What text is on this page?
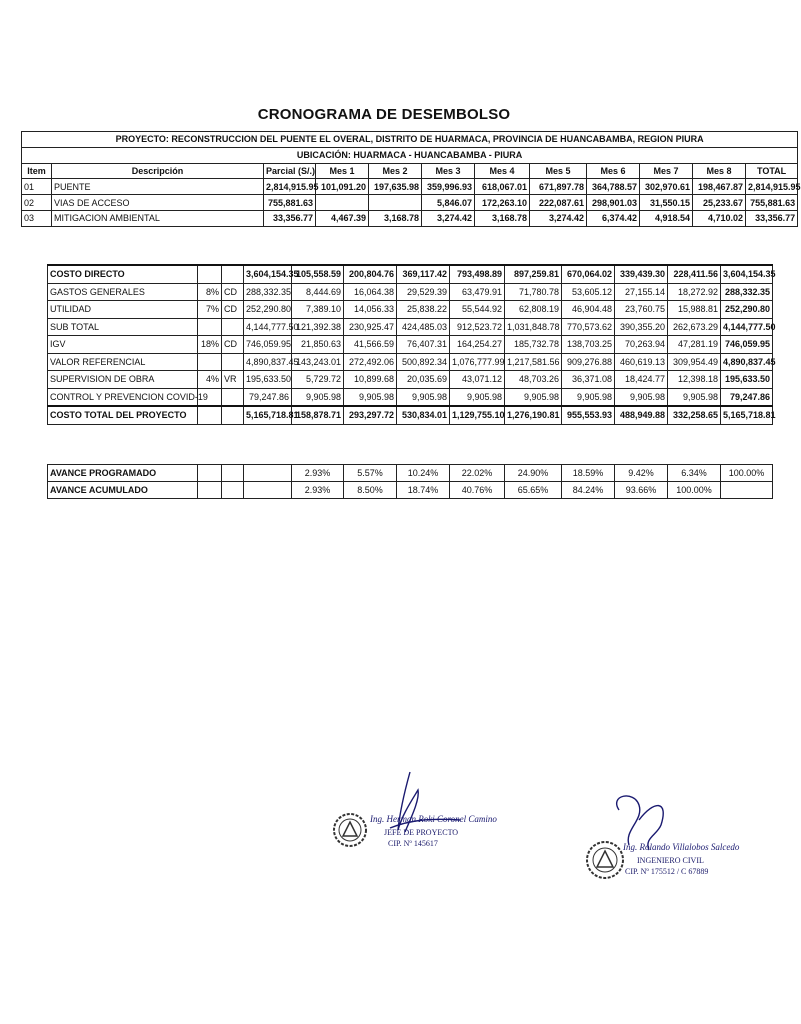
CRONOGRAMA DE DESEMBOLSO
PROYECTO: RECONSTRUCCION DEL PUENTE EL OVERAL, DISTRITO DE HUARMACA, PROVINCIA DE HUANCABAMBA, REGION PIURA											
UBICACIÓN: HUARMACA - HUANCABAMBA - PIURA											
Item	Descripción	Parcial (S/.)	Mes 1	Mes 2	Mes 3	Mes 4	Mes 5	Mes 6	Mes 7	Mes 8	TOTAL
01	PUENTE	2,814,915.95	101,091.20	197,635.98	359,996.93	618,067.01	671,897.78	364,788.57	302,970.61	198,467.87	2,814,915.95
02	VIAS DE ACCESO	755,881.63			5,846.07	172,263.10	222,087.61	298,901.03	31,550.15	25,233.67	755,881.63
03	MITIGACION AMBIENTAL	33,356.77	4,467.39	3,168.78	3,274.42	3,168.78	3,274.42	6,374.42	4,918.54	4,710.02	33,356.77
COSTO DIRECTO			3,604,154.35	105,558.59	200,804.76	369,117.42	793,498.89	897,259.81	670,064.02	339,439.30	228,411.56	3,604,154.35
GASTOS GENERALES	8%	CD	288,332.35	8,444.69	16,064.38	29,529.39	63,479.91	71,780.78	53,605.12	27,155.14	18,272.92	288,332.35
UTILIDAD	7%	CD	252,290.80	7,389.10	14,056.33	25,838.22	55,544.92	62,808.19	46,904.48	23,760.75	15,988.81	252,290.80
SUB TOTAL			4,144,777.50	121,392.38	230,925.47	424,485.03	912,523.72	1,031,848.78	770,573.62	390,355.20	262,673.29	4,144,777.50
IGV	18%	CD	746,059.95	21,850.63	41,566.59	76,407.31	164,254.27	185,732.78	138,703.25	70,263.94	47,281.19	746,059.95
VALOR REFERENCIAL			4,890,837.45	143,243.01	272,492.06	500,892.34	1,076,777.99	1,217,581.56	909,276.88	460,619.13	309,954.49	4,890,837.45
SUPERVISION DE OBRA	4%	VR	195,633.50	5,729.72	10,899.68	20,035.69	43,071.12	48,703.26	36,371.08	18,424.77	12,398.18	195,633.50
CONTROL Y PREVENCION COVID-19			79,247.86	9,905.98	9,905.98	9,905.98	9,905.98	9,905.98	9,905.98	9,905.98	9,905.98	79,247.86
COSTO TOTAL DEL PROYECTO			5,165,718.81	158,878.71	293,297.72	530,834.01	1,129,755.10	1,276,190.81	955,553.93	488,949.88	332,258.65	5,165,718.81
AVANCE PROGRAMADO				2.93%	5.57%	10.24%	22.02%	24.90%	18.59%	9.42%	6.34%	100.00%
AVANCE ACUMULADO				2.93%	8.50%	18.74%	40.76%	65.65%	84.24%	93.66%	100.00%	
Ing. Herman Roki Coronel Camino
JEFE DE PROYECTO
CIP. Nº 145617	Ing. Rolando Villalobos Salcedo
INGENIERO CIVIL
CIP. Nº 175512 / C 67889
